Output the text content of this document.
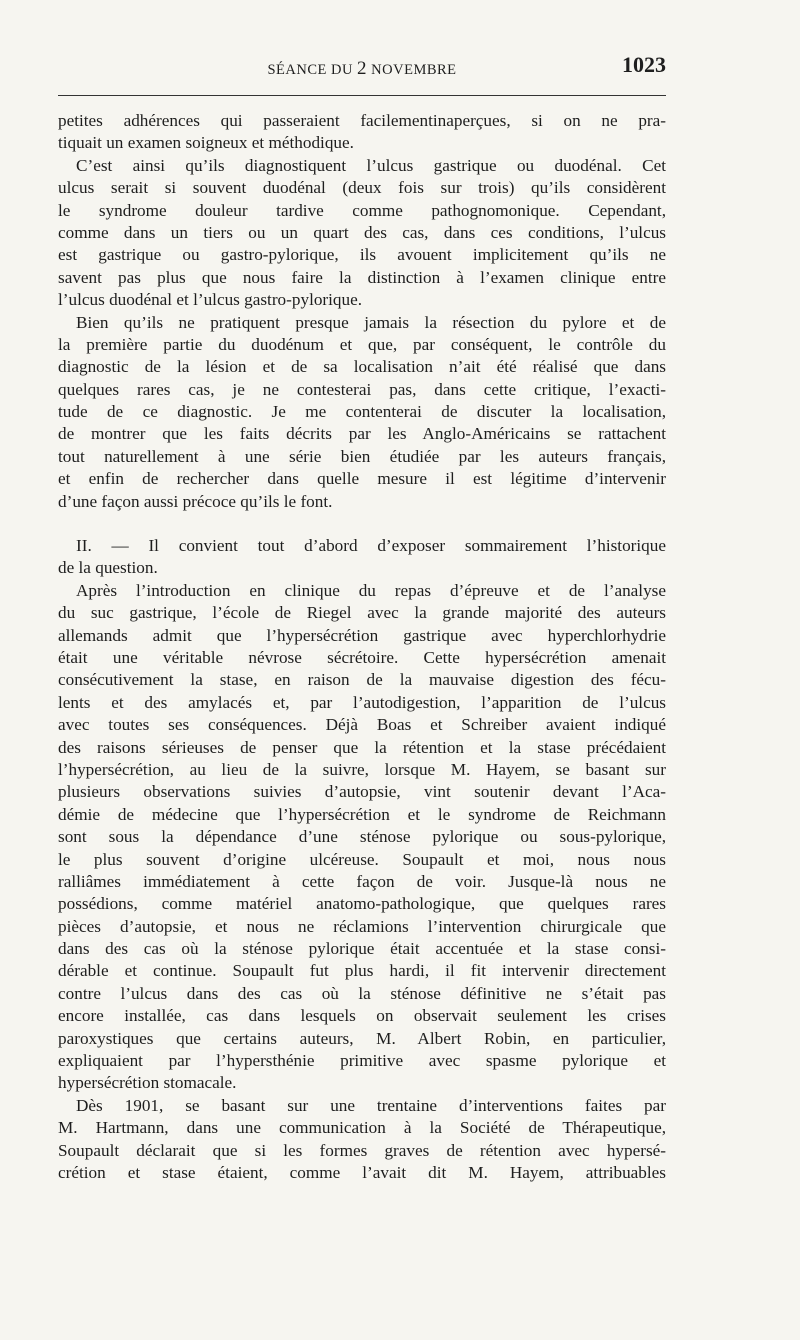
SÉANCE DU 2 NOVEMBRE	1023
petites adhérences qui passeraient facilementinaperçues, si on ne pra-
tiquait un examen soigneux et méthodique.
C’est ainsi qu’ils diagnostiquent l’ulcus gastrique ou duodénal. Cet
ulcus serait si souvent duodénal (deux fois sur trois) qu’ils considèrent
le syndrome douleur tardive comme pathognomonique. Cependant,
comme dans un tiers ou un quart des cas, dans ces conditions, l’ulcus
est gastrique ou gastro-pylorique, ils avouent implicitement qu’ils ne
savent pas plus que nous faire la distinction à l’examen clinique entre
l’ulcus duodénal et l’ulcus gastro-pylorique.
Bien qu’ils ne pratiquent presque jamais la résection du pylore et de
la première partie du duodénum et que, par conséquent, le contrôle du
diagnostic de la lésion et de sa localisation n’ait été réalisé que dans
quelques rares cas, je ne contesterai pas, dans cette critique, l’exacti-
tude de ce diagnostic. Je me contenterai de discuter la localisation,
de montrer que les faits décrits par les Anglo-Américains se rattachent
tout naturellement à une série bien étudiée par les auteurs français,
et enfin de rechercher dans quelle mesure il est légitime d’intervenir
d’une façon aussi précoce qu’ils le font.
II. — Il convient tout d’abord d’exposer sommairement l’historique
de la question.
Après l’introduction en clinique du repas d’épreuve et de l’analyse
du suc gastrique, l’école de Riegel avec la grande majorité des auteurs
allemands admit que l’hypersécrétion gastrique avec hyperchlorhydrie
était une véritable névrose sécrétoire. Cette hypersécrétion amenait
consécutivement la stase, en raison de la mauvaise digestion des fécu-
lents et des amylacés et, par l’autodigestion, l’apparition de l’ulcus
avec toutes ses conséquences. Déjà Boas et Schreiber avaient indiqué
des raisons sérieuses de penser que la rétention et la stase précédaient
l’hypersécrétion, au lieu de la suivre, lorsque M. Hayem, se basant sur
plusieurs observations suivies d’autopsie, vint soutenir devant l’Aca-
démie de médecine que l’hypersécrétion et le syndrome de Reichmann
sont sous la dépendance d’une sténose pylorique ou sous-pylorique,
le plus souvent d’origine ulcéreuse. Soupault et moi, nous nous
ralliâmes immédiatement à cette façon de voir. Jusque-là nous ne
possédions, comme matériel anatomo-pathologique, que quelques rares
pièces d’autopsie, et nous ne réclamions l’intervention chirurgicale que
dans des cas où la sténose pylorique était accentuée et la stase consi-
dérable et continue. Soupault fut plus hardi, il fit intervenir directement
contre l’ulcus dans des cas où la sténose définitive ne s’était pas
encore installée, cas dans lesquels on observait seulement les crises
paroxystiques que certains auteurs, M. Albert Robin, en particulier,
expliquaient par l’hypersthénie primitive avec spasme pylorique et
hypersécrétion stomacale.
Dès 1901, se basant sur une trentaine d’interventions faites par
M. Hartmann, dans une communication à la Société de Thérapeutique,
Soupault déclarait que si les formes graves de rétention avec hypersé-
crétion et stase étaient, comme l’avait dit M. Hayem, attribuables
